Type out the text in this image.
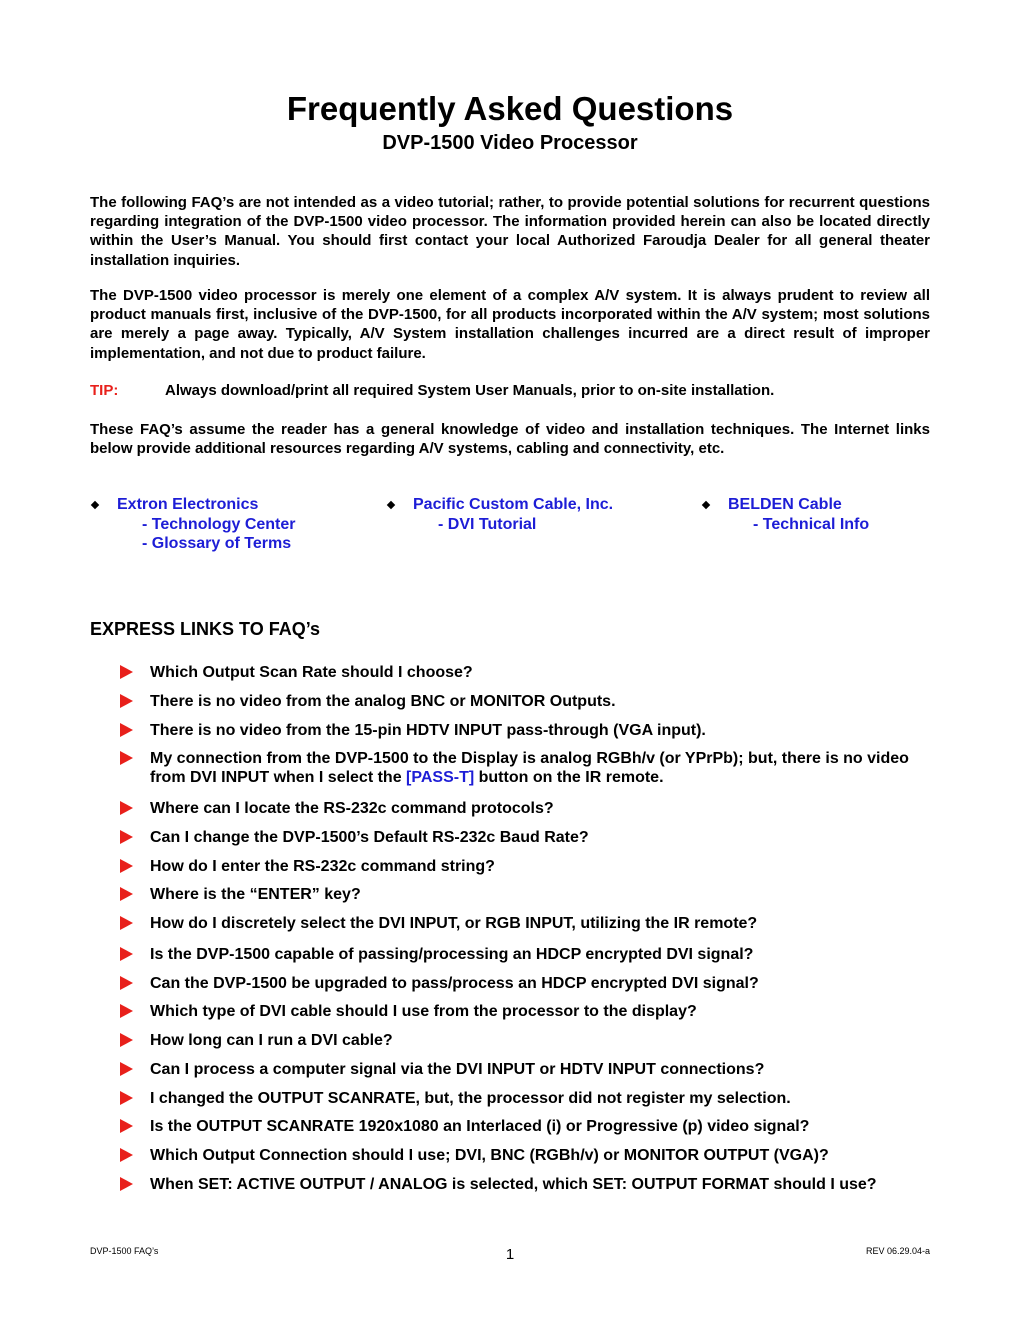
Frequently Asked Questions
DVP-1500 Video Processor

The following FAQ’s are not intended as a video tutorial; rather, to provide potential solutions for recurrent questions regarding integration of the DVP-1500 video processor. The information provided herein can also be located directly within the User’s Manual. You should first contact your local Authorized Faroudja Dealer for all general theater installation inquiries.

The DVP-1500 video processor is merely one element of a complex A/V system. It is always prudent to review all product manuals first, inclusive of the DVP-1500, for all products incorporated within the A/V system; most solutions are merely a page away. Typically, A/V System installation challenges incurred are a direct result of improper implementation, and not due to product failure.

TIP:	Always download/print all required System User Manuals, prior to on-site installation.

These FAQ’s assume the reader has a general knowledge of video and installation techniques. The Internet links below provide additional resources regarding A/V systems, cabling and connectivity, etc.

Extron Electronics
- Technology Center
- Glossary of Terms
Pacific Custom Cable, Inc.
- DVI Tutorial
BELDEN Cable
- Technical Info
EXPRESS LINKS TO FAQ’s
Which Output Scan Rate should I choose?
There is no video from the analog BNC or MONITOR Outputs.
There is no video from the 15-pin HDTV INPUT pass-through (VGA input).
My connection from the DVP-1500 to the Display is analog RGBh/v (or YPrPb); but, there is no video from DVI INPUT when I select the [PASS-T] button on the IR remote.
Where can I locate the RS-232c command protocols?
Can I change the DVP-1500’s Default RS-232c Baud Rate?
How do I enter the RS-232c command string?
Where is the “ENTER” key?
How do I discretely select the DVI INPUT, or RGB INPUT, utilizing the IR remote?
Is the DVP-1500 capable of passing/processing an HDCP encrypted DVI signal?
Can the DVP-1500 be upgraded to pass/process an HDCP encrypted DVI signal?
Which type of DVI cable should I use from the processor to the display?
How long can I run a DVI cable?
Can I process a computer signal via the DVI INPUT or HDTV INPUT connections?
I changed the OUTPUT SCANRATE, but, the processor did not register my selection.
Is the OUTPUT SCANRATE 1920x1080 an Interlaced (i) or Progressive (p) video signal?
Which Output Connection should I use; DVI, BNC (RGBh/v) or MONITOR OUTPUT (VGA)?
When SET: ACTIVE OUTPUT / ANALOG is selected, which SET: OUTPUT FORMAT should I use?
DVP-1500 FAQ’s	1	REV 06.29.04-a
